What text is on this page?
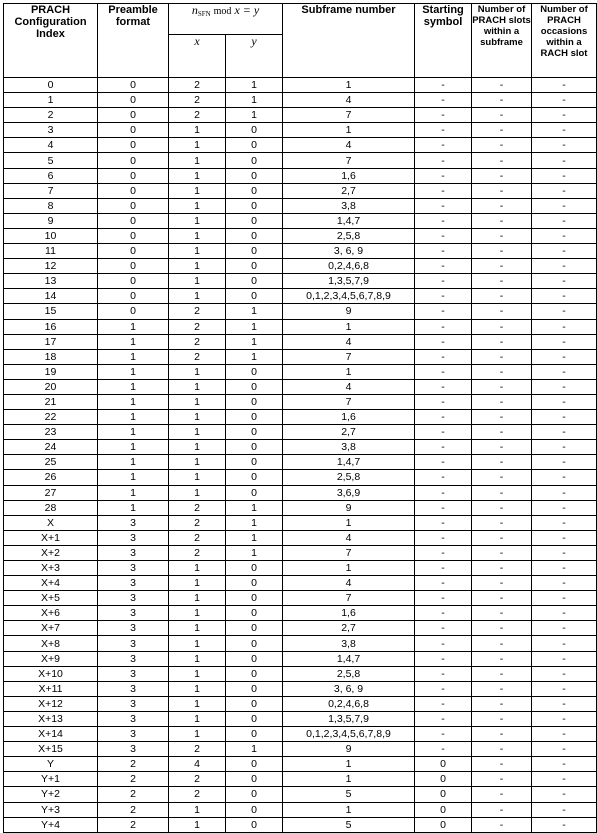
PRACH Configuration Index	Preamble format	$n_{SFN}$ mod x = y		Subframe number	Starting symbol	Number of PRACH slots within a subframe	Number of PRACH occasions within a RACH slot
		x	y				
0	0	2	1	1	-	-	-
1	0	2	1	4	-	-	-
2	0	2	1	7	-	-	-
3	0	1	0	1	-	-	-
4	0	1	0	4	-	-	-
5	0	1	0	7	-	-	-
6	0	1	0	1,6	-	-	-
7	0	1	0	2,7	-	-	-
8	0	1	0	3,8	-	-	-
9	0	1	0	1,4,7	-	-	-
10	0	1	0	2,5,8	-	-	-
11	0	1	0	3, 6, 9	-	-	-
12	0	1	0	0,2,4,6,8	-	-	-
13	0	1	0	1,3,5,7,9	-	-	-
14	0	1	0	0,1,2,3,4,5,6,7,8,9	-	-	-
15	0	2	1	9	-	-	-
16	1	2	1	1	-	-	-
17	1	2	1	4	-	-	-
18	1	2	1	7	-	-	-
19	1	1	0	1	-	-	-
20	1	1	0	4	-	-	-
21	1	1	0	7	-	-	-
22	1	1	0	1,6	-	-	-
23	1	1	0	2,7	-	-	-
24	1	1	0	3,8	-	-	-
25	1	1	0	1,4,7	-	-	-
26	1	1	0	2,5,8	-	-	-
27	1	1	0	3,6,9	-	-	-
28	1	2	1	9	-	-	-
X	3	2	1	1	-	-	-
X+1	3	2	1	4	-	-	-
X+2	3	2	1	7	-	-	-
X+3	3	1	0	1	-	-	-
X+4	3	1	0	4	-	-	-
X+5	3	1	0	7	-	-	-
X+6	3	1	0	1,6	-	-	-
X+7	3	1	0	2,7	-	-	-
X+8	3	1	0	3,8	-	-	-
X+9	3	1	0	1,4,7	-	-	-
X+10	3	1	0	2,5,8	-	-	-
X+11	3	1	0	3, 6, 9	-	-	-
X+12	3	1	0	0,2,4,6,8	-	-	-
X+13	3	1	0	1,3,5,7,9	-	-	-
X+14	3	1	0	0,1,2,3,4,5,6,7,8,9	-	-	-
X+15	3	2	1	9	-	-	-
Y	2	4	0	1	0	-	-
Y+1	2	2	0	1	0	-	-
Y+2	2	2	0	5	0	-	-
Y+3	2	1	0	1	0	-	-
Y+4	2	1	0	5	0	-	-
